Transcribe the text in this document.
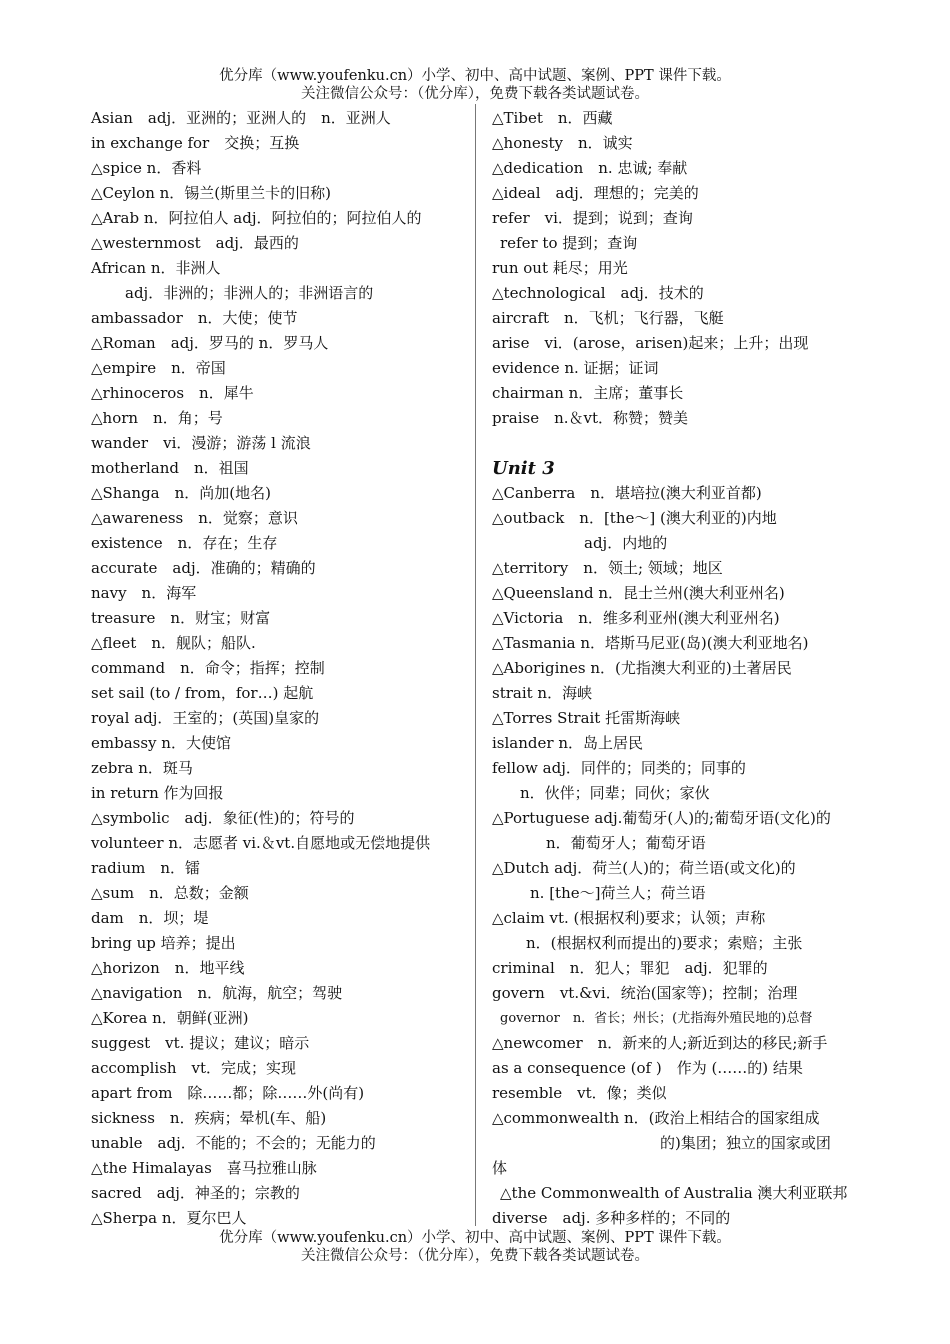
优分库（www.youfenku.cn）小学、初中、高中试题、案例、PPT 课件下载。
关注微信公众号：（优分库），免费下载各类试题试卷。
Asian　adj．亚洲的；亚洲人的　n．亚洲人
in exchange for　交换；互换
△spice n．香料
△Ceylon n．锡兰(斯里兰卡的旧称)
△Arab n．阿拉伯人 adj．阿拉伯的；阿拉伯人的
△westernmost　adj．最西的
African n．非洲人
adj．非洲的；非洲人的；非洲语言的
ambassador　n．大使；使节
△Roman　adj．罗马的 n．罗马人
△empire　n．帝国
△rhinoceros　n．犀牛
△horn　n．角；号
wander　vi．漫游；游荡 l 流浪
motherland　n．祖国
△Shanga　n．尚加(地名)
△awareness　n．觉察；意识
existence　n．存在；生存
accurate　adj．准确的；精确的
navy　n．海军
treasure　n．财宝；财富
△fleet　n．舰队；船队.
command　n．命令；指挥；控制
set sail (to / from，for…) 起航
royal adj．王室的；(英国)皇家的
embassy n．大使馆
zebra n．斑马
in return 作为回报
△symbolic　adj．象征(性)的；符号的
volunteer n．志愿者 vi.＆vt.自愿地或无偿地提供
radium　n．镭
△sum　n．总数；金额
dam　n．坝；堤
bring up 培养；提出
△horizon　n．地平线
△navigation　n．航海，航空；驾驶
△Korea n．朝鲜(亚洲)
suggest　vt. 提议；建议；暗示
accomplish　vt．完成；实现
apart from　除……都；除……外(尚有)
sickness　n．疾病；晕机(车、船)
unable　adj．不能的；不会的；无能力的
△the Himalayas　喜马拉雅山脉
sacred　adj．神圣的；宗教的
△Sherpa n．夏尔巴人
△Tibet　n．西藏
△honesty　n．诚实
△dedication　n. 忠诚; 奉献
△ideal　adj．理想的；完美的
refer　vi．提到；说到；查询
refer to 提到；查询
run out 耗尽；用光
△technological　adj．技术的
aircraft　n．飞机；飞行器，飞艇
arise　vi．(arose，arisen)起来；上升；出现
evidence n. 证据；证词
chairman n．主席；董事长
praise　n.＆vt．称赞；赞美
Unit 3
△Canberra　n．堪培拉(澳大利亚首都)
△outback　n．[the～] (澳大利亚的)内地
adj．内地的
△territory　n．领土; 领域；地区
△Queensland n．昆士兰州(澳大利亚州名)
△Victoria　n．维多利亚州(澳大利亚州名)
△Tasmania n．塔斯马尼亚(岛)(澳大利亚地名)
△Aborigines n．(尤指澳大利亚的)土著居民
strait n．海峡
△Torres Strait 托雷斯海峡
islander n．岛上居民
fellow adj．同伴的；同类的；同事的
n．伙伴；同辈；同伙；家伙
△Portuguese adj.葡萄牙(人)的;葡萄牙语(文化)的
n．葡萄牙人；葡萄牙语
△Dutch adj．荷兰(人)的；荷兰语(或文化)的
n. [the～]荷兰人；荷兰语
△claim vt. (根据权利)要求；认领；声称
n．(根据权利而提出的)要求；索赔；主张
criminal　n．犯人；罪犯　adj．犯罪的
govern　vt.&vi．统治(国家等)；控制；治理
governor　n．省长；州长；(尤指海外殖民地的)总督
△newcomer　n．新来的人;新近到达的移民;新手
as a consequence (of )　作为 (……的) 结果
resemble　vt．像；类似
△commonwealth n．(政治上相结合的国家组成
的)集团；独立的国家或团
体
△the Commonwealth of Australia 澳大利亚联邦
diverse　adj. 多种多样的；不同的
优分库（www.youfenku.cn）小学、初中、高中试题、案例、PPT 课件下载。
关注微信公众号：（优分库），免费下载各类试题试卷。
